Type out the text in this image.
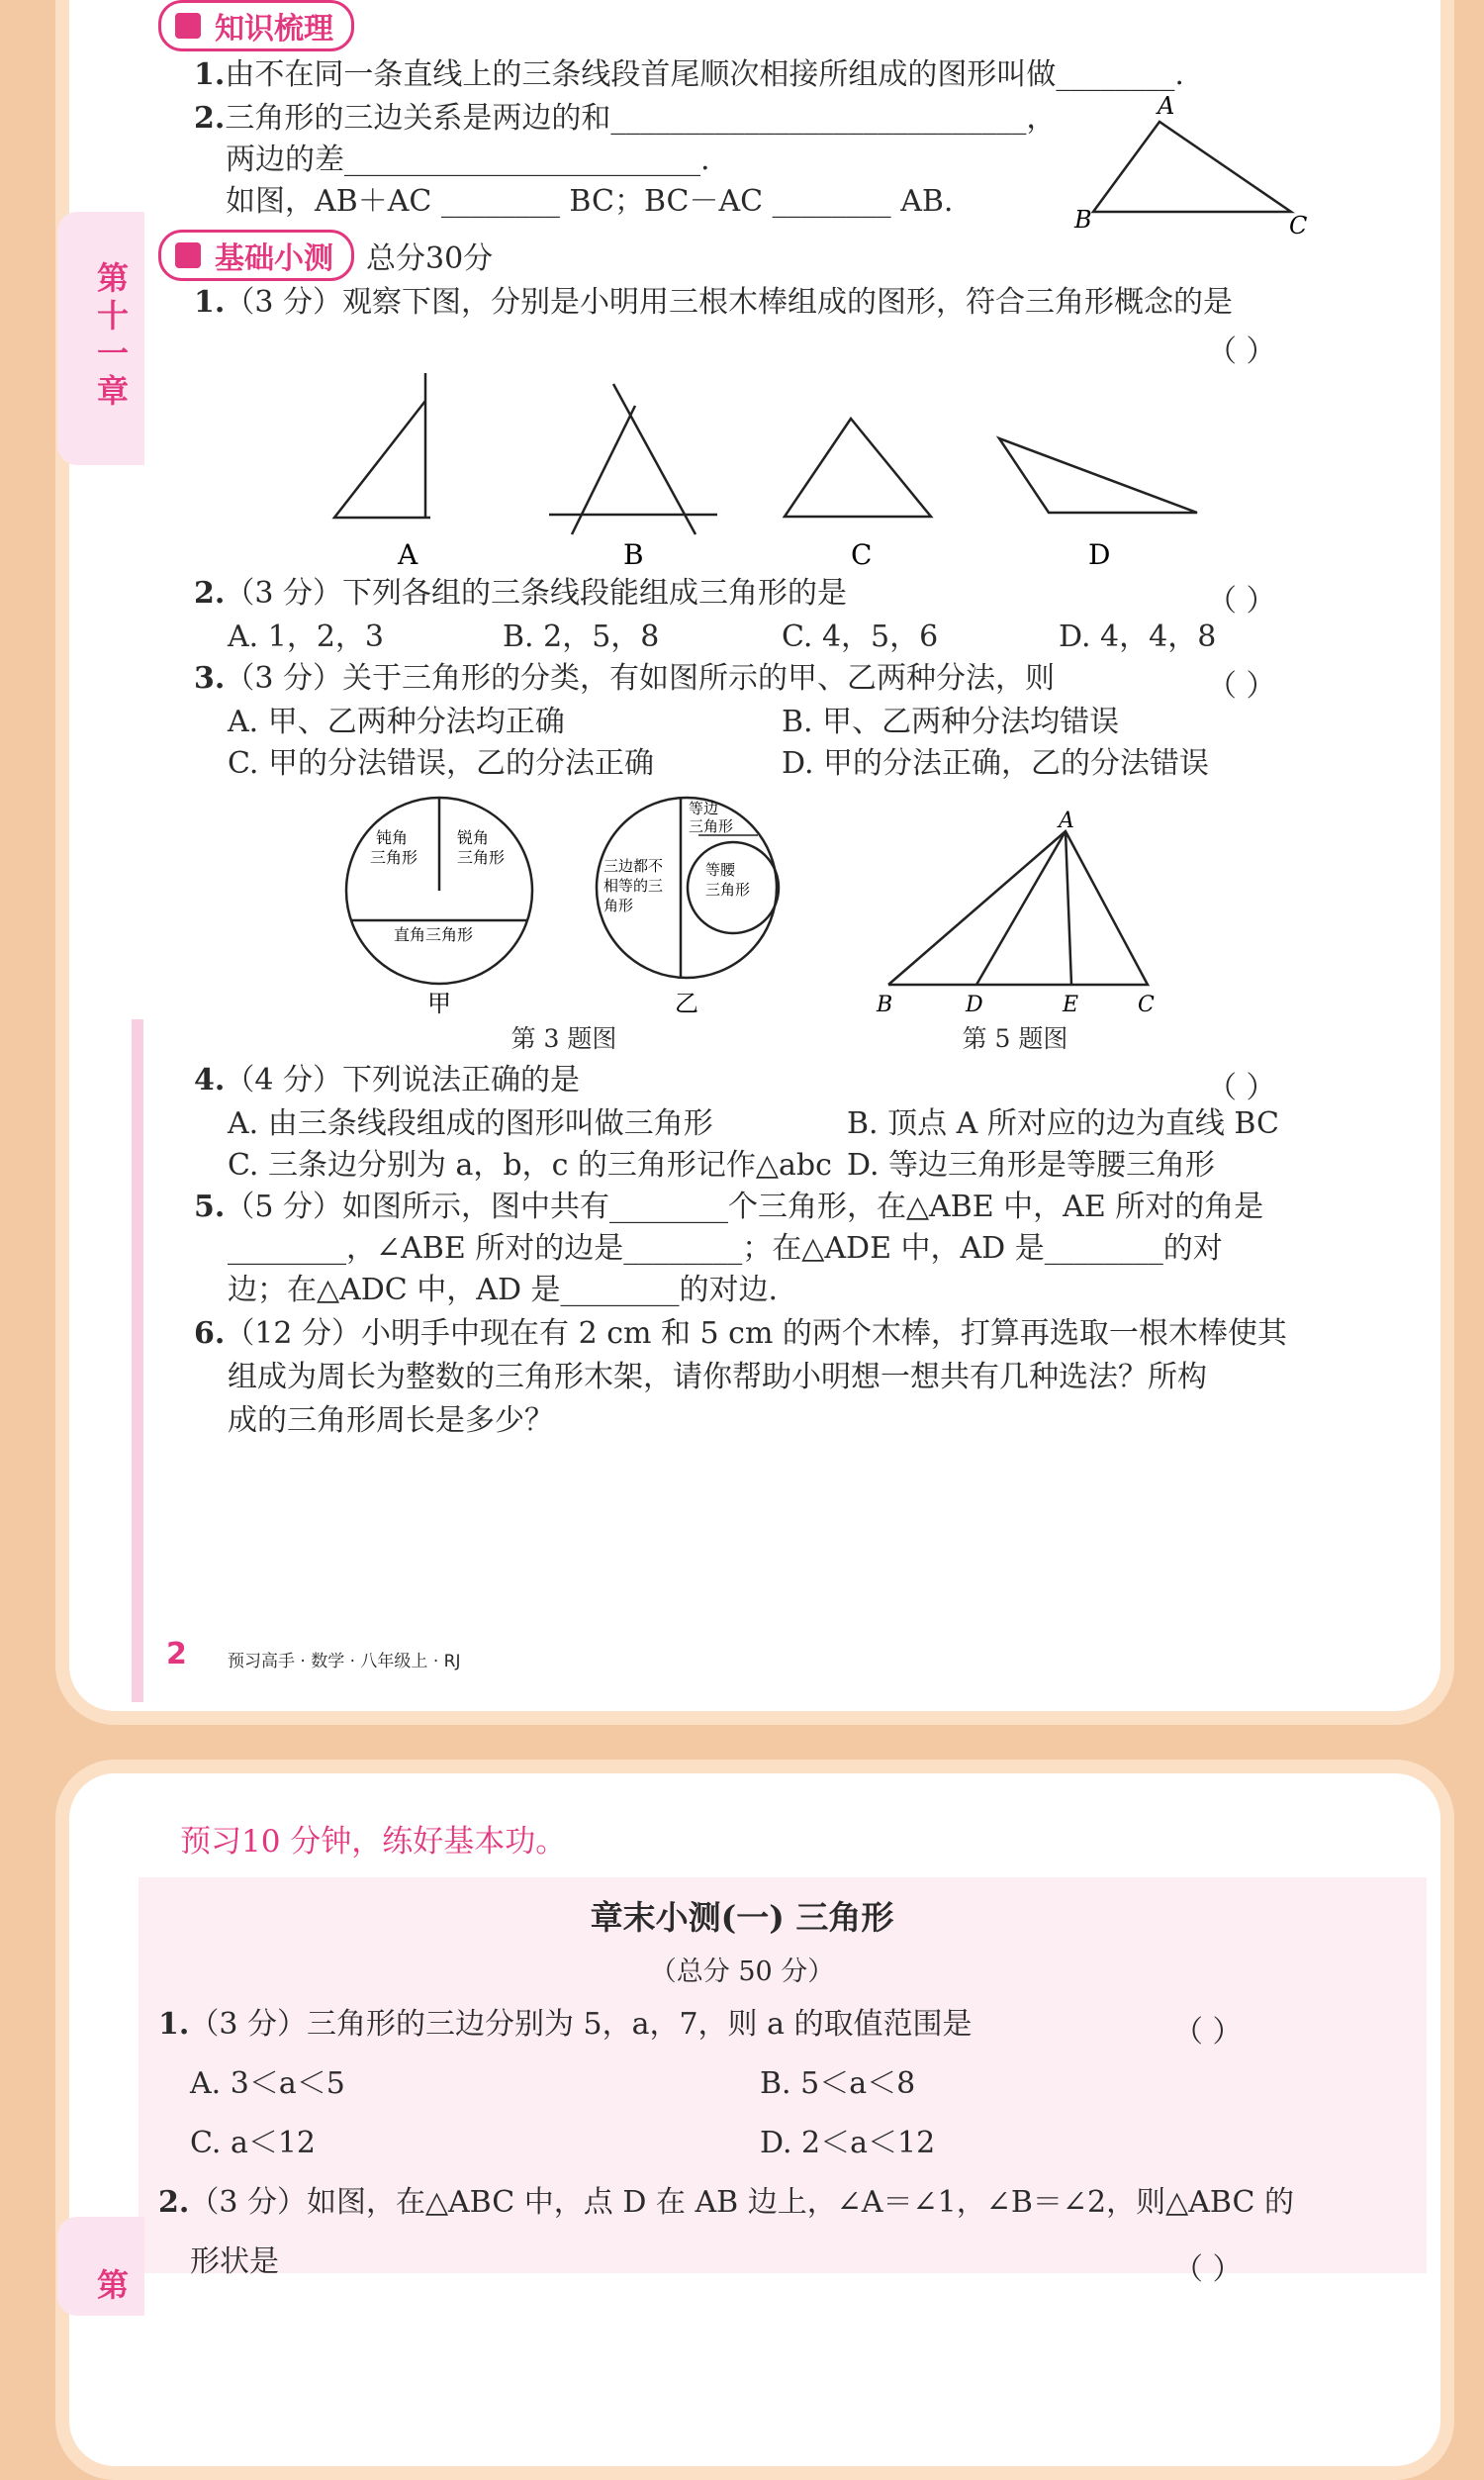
第十一章
知识梳理
1.由不在同一条直线上的三条线段首尾顺次相接所组成的图形叫做________.
2.三角形的三边关系是两边的和____________________________，
两边的差________________________.
如图，AB＋AC ________ BC；BC－AC ________ AB.
A
B	C
基础小测 总分30分
1.（3 分）观察下图，分别是小明用三根木棒组成的图形，符合三角形概念的是
（ ）
A	B	C	D
2.（3 分）下列各组的三条线段能组成三角形的是	（ ）
A. 1，2，3	B. 2，5，8	C. 4，5，6	D. 4，4，8
3.（3 分）关于三角形的分类，有如图所示的甲、乙两种分法，则	（ ）
A. 甲、乙两种分法均正确	B. 甲、乙两种分法均错误
C. 甲的分法错误，乙的分法正确	D. 甲的分法正确，乙的分法错误
钝角
三角形
锐角
三角形
直角三角形
甲
等边
三角形
三边都不
相等的三
角形
等腰
三角形
乙
第 3 题图
A
B	D	E	C
第 5 题图
4.（4 分）下列说法正确的是	（ ）
A. 由三条线段组成的图形叫做三角形	B. 顶点 A 所对应的边为直线 BC
C. 三条边分别为 a，b，c 的三角形记作△abc D. 等边三角形是等腰三角形
5.（5 分）如图所示，图中共有________个三角形，在△ABE 中，AE 所对的角是
________，∠ABE 所对的边是________；在△ADE 中，AD 是________的对
边；在△ADC 中，AD 是________的对边.
6.（12 分）小明手中现在有 2 cm 和 5 cm 的两个木棒，打算再选取一根木棒使其
组成为周长为整数的三角形木架，请你帮助小明想一想共有几种选法？所构
成的三角形周长是多少？
2 预习高手 · 数学 · 八年级上 · RJ
预习10 分钟，练好基本功。
第
章末小测(一) 三角形
（总分 50 分）
1.（3 分）三角形的三边分别为 5，a，7，则 a 的取值范围是	（ ）
A. 3＜a＜5	B. 5＜a＜8
C. a＜12	D. 2＜a＜12
2.（3 分）如图，在△ABC 中，点 D 在 AB 边上，∠A＝∠1，∠B＝∠2，则△ABC 的
形状是	（ ）
